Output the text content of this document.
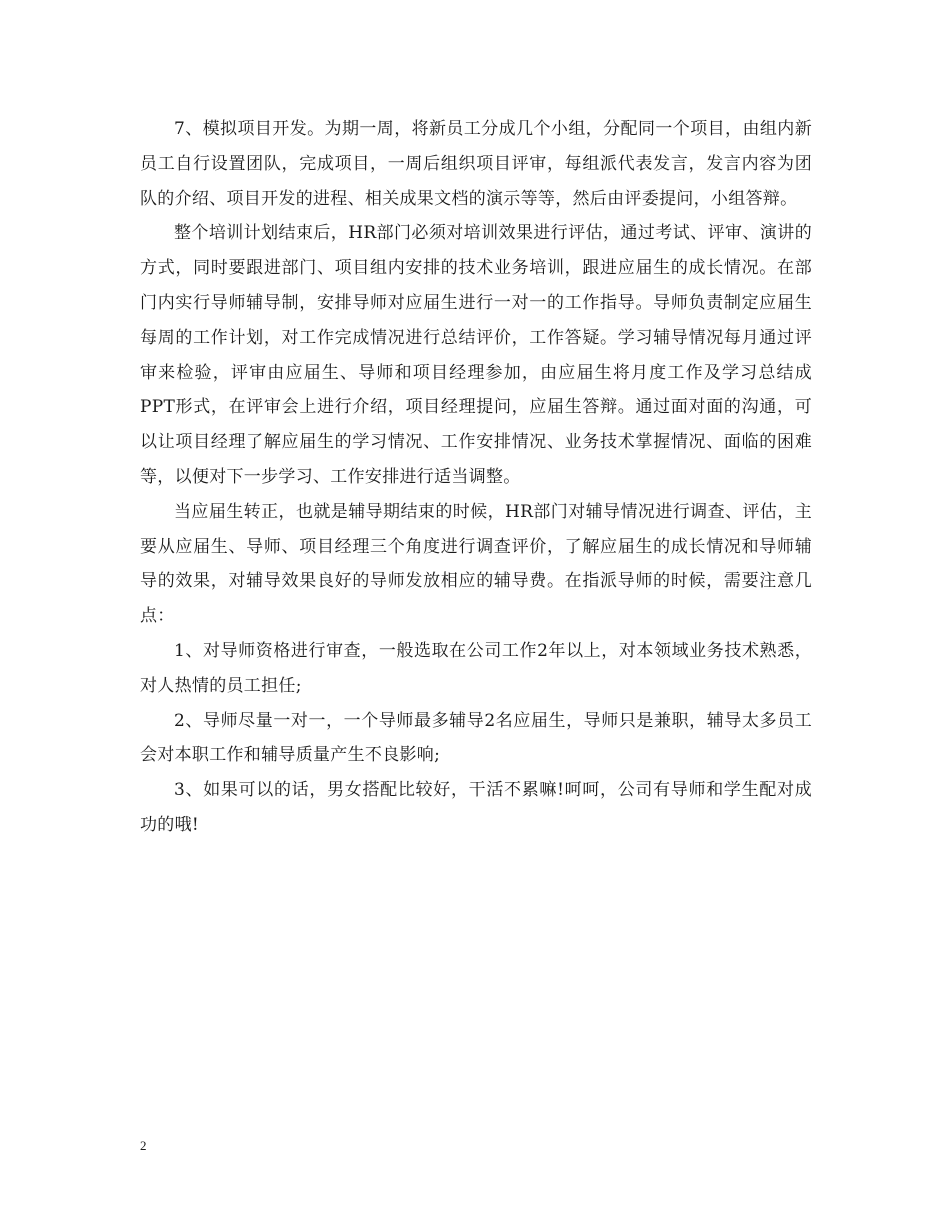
7、模拟项目开发。为期一周，将新员工分成几个小组，分配同一个项目，由组内新员工自行设置团队，完成项目，一周后组织项目评审，每组派代表发言，发言内容为团队的介绍、项目开发的进程、相关成果文档的演示等等，然后由评委提问，小组答辩。

整个培训计划结束后，HR部门必须对培训效果进行评估，通过考试、评审、演讲的方式，同时要跟进部门、项目组内安排的技术业务培训，跟进应届生的成长情况。在部门内实行导师辅导制，安排导师对应届生进行一对一的工作指导。导师负责制定应届生每周的工作计划，对工作完成情况进行总结评价，工作答疑。学习辅导情况每月通过评审来检验，评审由应届生、导师和项目经理参加，由应届生将月度工作及学习总结成PPT形式，在评审会上进行介绍，项目经理提问，应届生答辩。通过面对面的沟通，可以让项目经理了解应届生的学习情况、工作安排情况、业务技术掌握情况、面临的困难等，以便对下一步学习、工作安排进行适当调整。

当应届生转正，也就是辅导期结束的时候，HR部门对辅导情况进行调查、评估，主要从应届生、导师、项目经理三个角度进行调查评价，了解应届生的成长情况和导师辅导的效果，对辅导效果良好的导师发放相应的辅导费。在指派导师的时候，需要注意几点：

1、对导师资格进行审查，一般选取在公司工作2年以上，对本领域业务技术熟悉，对人热情的员工担任;

2、导师尽量一对一，一个导师最多辅导2名应届生，导师只是兼职，辅导太多员工会对本职工作和辅导质量产生不良影响;

3、如果可以的话，男女搭配比较好，干活不累嘛!呵呵，公司有导师和学生配对成功的哦!

2
